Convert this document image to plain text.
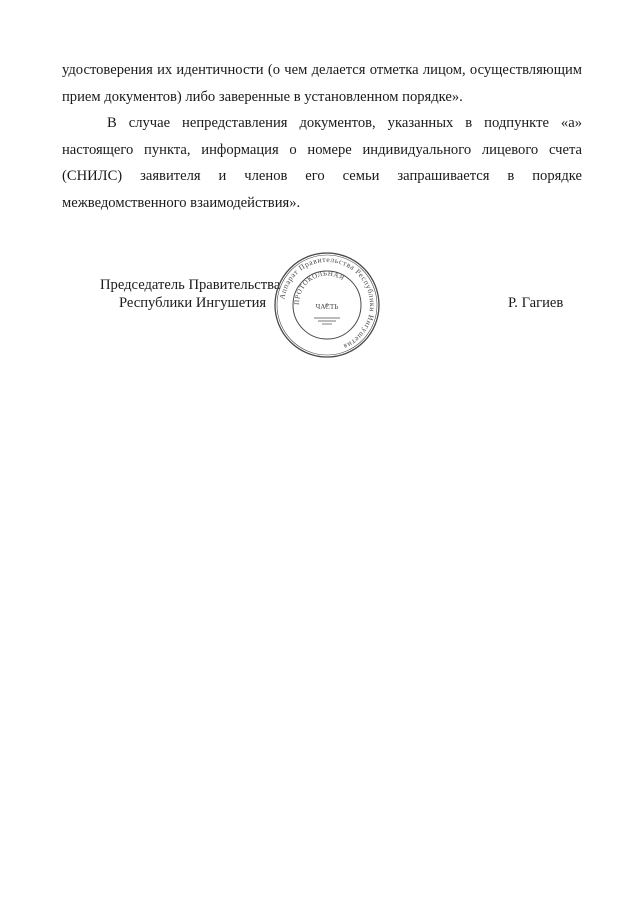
удостоверения их идентичности (о чем делается отметка лицом, осуществляющим
прием документов) либо заверенные в установленном порядке».

В случае непредставления документов, указанных в подпункте «а»
настоящего пункта, информация о номере индивидуального лицевого счета
(СНИЛС) заявителя и членов его семьи запрашивается в порядке
межведомственного взаимодействия».

Председатель Правительства
Республики Ингушетия	Р. Гагиев
Аппарат Правительства Республики Ингушетия
ПРОТОКОЛЬНАЯ
ЧАСТЬ
